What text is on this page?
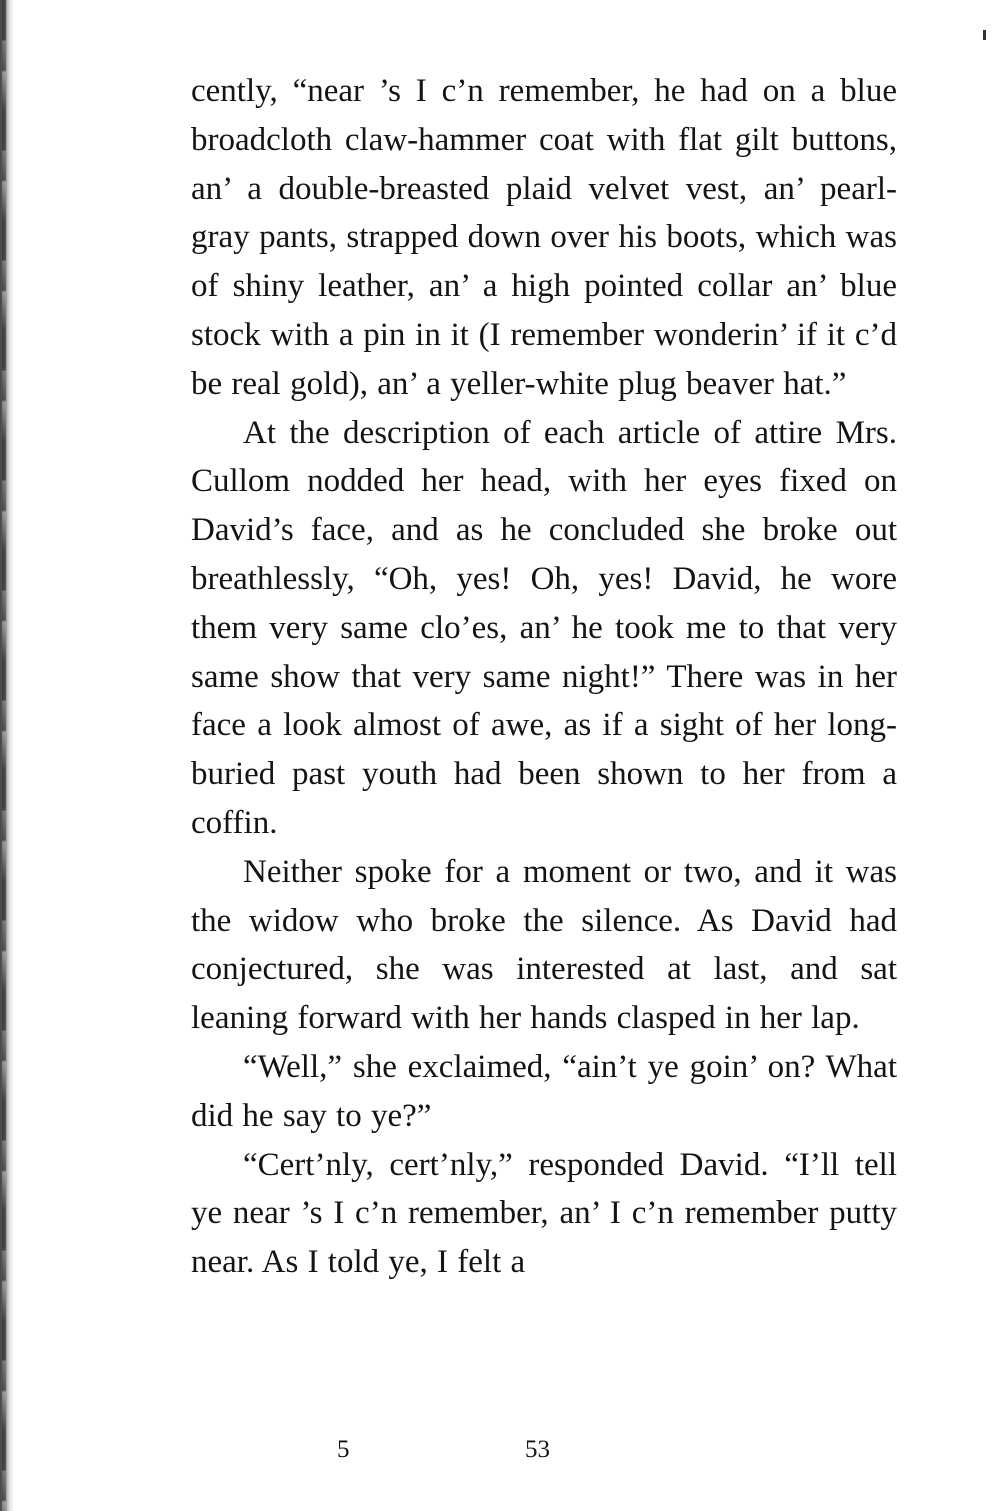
cently, “near ’s I c’n remember, he had on a blue broadcloth claw-hammer coat with flat gilt buttons, an’ a double-breasted plaid velvet vest, an’ pearl-gray pants, strapped down over his boots, which was of shiny leather, an’ a high pointed collar an’ blue stock with a pin in it (I remember wonderin’ if it c’d be real gold), an’ a yeller-white plug beaver hat.”

At the description of each article of attire Mrs. Cullom nodded her head, with her eyes fixed on David’s face, and as he concluded she broke out breathlessly, “Oh, yes! Oh, yes! David, he wore them very same clo’es, an’ he took me to that very same show that very same night!” There was in her face a look almost of awe, as if a sight of her long-buried past youth had been shown to her from a coffin.

Neither spoke for a moment or two, and it was the widow who broke the silence. As David had conjectured, she was interested at last, and sat leaning forward with her hands clasped in her lap.

“Well,” she exclaimed, “ain’t ye goin’ on? What did he say to ye?”

“Cert’nly, cert’nly,” responded David. “I’ll tell ye near ’s I c’n remember, an’ I c’n remember putty near. As I told ye, I felt a

5	53
